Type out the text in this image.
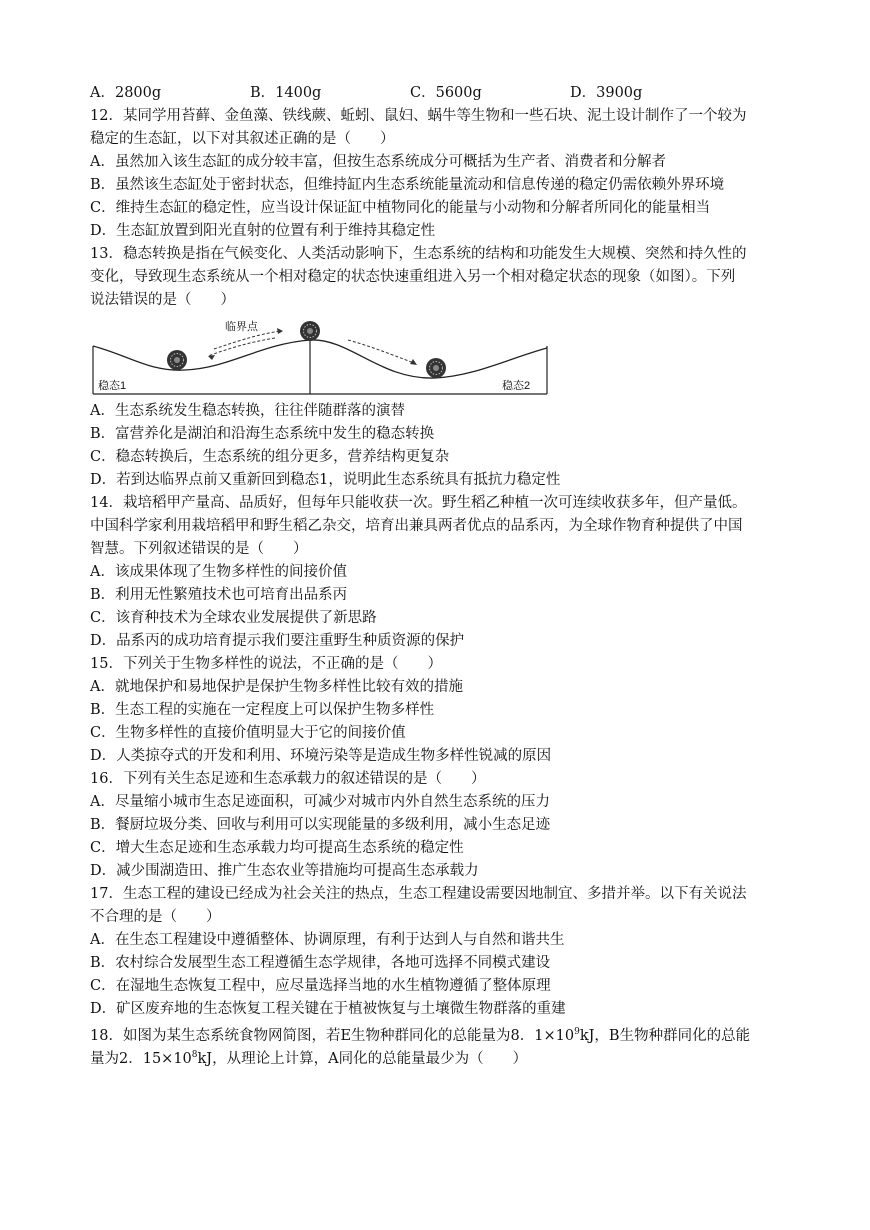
A．2800g	B．1400g	C．5600g	D．3900g
12．某同学用苔藓、金鱼藻、铁线蕨、蚯蚓、鼠妇、蜗牛等生物和一些石块、泥土设计制作了一个较为
稳定的生态缸，以下对其叙述正确的是（　　）
A．虽然加入该生态缸的成分较丰富，但按生态系统成分可概括为生产者、消费者和分解者
B．虽然该生态缸处于密封状态，但维持缸内生态系统能量流动和信息传递的稳定仍需依赖外界环境
C．维持生态缸的稳定性，应当设计保证缸中植物同化的能量与小动物和分解者所同化的能量相当
D．生态缸放置到阳光直射的位置有利于维持其稳定性
13．稳态转换是指在气候变化、人类活动影响下，生态系统的结构和功能发生大规模、突然和持久性的
变化，导致现生态系统从一个相对稳定的状态快速重组进入另一个相对稳定状态的现象（如图）。下列
说法错误的是（　　）
临界点
稳态1	稳态2
A．生态系统发生稳态转换，往往伴随群落的演替
B．富营养化是湖泊和沿海生态系统中发生的稳态转换
C．稳态转换后，生态系统的组分更多，营养结构更复杂
D．若到达临界点前又重新回到稳态1，说明此生态系统具有抵抗力稳定性
14．栽培稻甲产量高、品质好，但每年只能收获一次。野生稻乙种植一次可连续收获多年，但产量低。
中国科学家利用栽培稻甲和野生稻乙杂交，培育出兼具两者优点的品系丙，为全球作物育种提供了中国
智慧。下列叙述错误的是（　　）
A．该成果体现了生物多样性的间接价值
B．利用无性繁殖技术也可培育出品系丙
C．该育种技术为全球农业发展提供了新思路
D．品系丙的成功培育提示我们要注重野生种质资源的保护
15．下列关于生物多样性的说法，不正确的是（　　）
A．就地保护和易地保护是保护生物多样性比较有效的措施
B．生态工程的实施在一定程度上可以保护生物多样性
C．生物多样性的直接价值明显大于它的间接价值
D．人类掠夺式的开发和利用、环境污染等是造成生物多样性锐减的原因
16．下列有关生态足迹和生态承载力的叙述错误的是（　　）
A．尽量缩小城市生态足迹面积，可减少对城市内外自然生态系统的压力
B．餐厨垃圾分类、回收与利用可以实现能量的多级利用，减小生态足迹
C．增大生态足迹和生态承载力均可提高生态系统的稳定性
D．减少围湖造田、推广生态农业等措施均可提高生态承载力
17．生态工程的建设已经成为社会关注的热点，生态工程建设需要因地制宜、多措并举。以下有关说法
不合理的是（　　）
A．在生态工程建设中遵循整体、协调原理，有利于达到人与自然和谐共生
B．农村综合发展型生态工程遵循生态学规律，各地可选择不同模式建设
C．在湿地生态恢复工程中，应尽量选择当地的水生植物遵循了整体原理
D．矿区废弃地的生态恢复工程关键在于植被恢复与土壤微生物群落的重建
18．如图为某生态系统食物网简图，若E生物种群同化的总能量为8．$1\times 10^9kJ$，B生物种群同化的总能
量为2．$15\times 10^8kJ$，从理论上计算，A同化的总能量最少为（　　）
